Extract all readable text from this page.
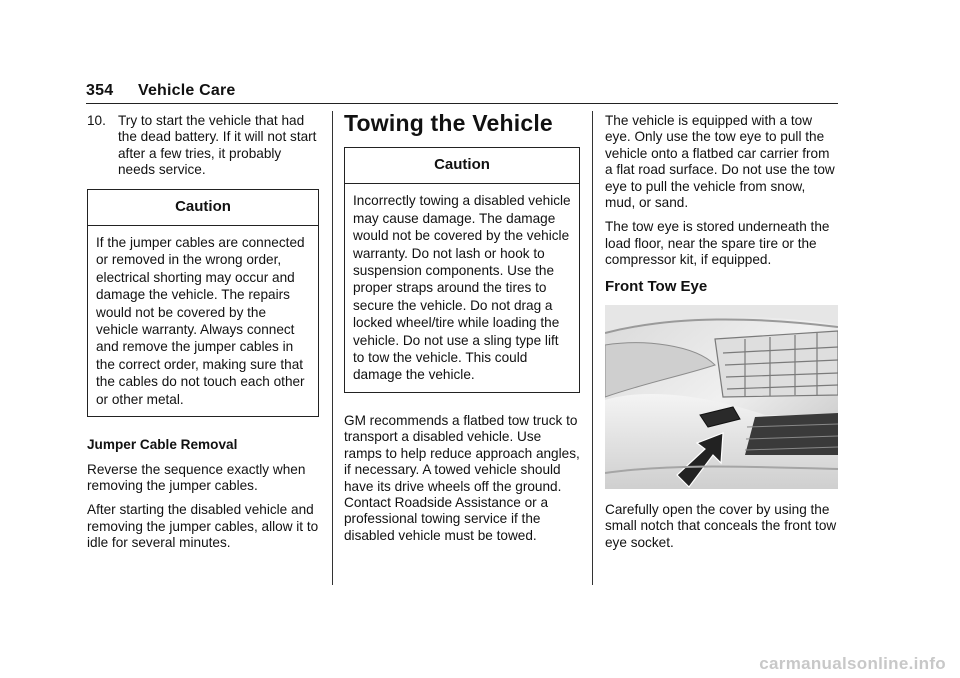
354 Vehicle Care
10. Try to start the vehicle that had the dead battery. If it will not start after a few tries, it probably needs service.
Caution
If the jumper cables are connected or removed in the wrong order, electrical shorting may occur and damage the vehicle. The repairs would not be covered by the vehicle warranty. Always connect and remove the jumper cables in the correct order, making sure that the cables do not touch each other or other metal.

Jumper Cable Removal

Reverse the sequence exactly when removing the jumper cables.

After starting the disabled vehicle and removing the jumper cables, allow it to idle for several minutes.

Towing the Vehicle
Caution
Incorrectly towing a disabled vehicle may cause damage. The damage would not be covered by the vehicle warranty. Do not lash or hook to suspension components. Use the proper straps around the tires to secure the vehicle. Do not drag a locked wheel/tire while loading the vehicle. Do not use a sling type lift to tow the vehicle. This could damage the vehicle.

GM recommends a flatbed tow truck to transport a disabled vehicle. Use ramps to help reduce approach angles, if necessary. A towed vehicle should have its drive wheels off the ground. Contact Roadside Assistance or a professional towing service if the disabled vehicle must be towed.

The vehicle is equipped with a tow eye. Only use the tow eye to pull the vehicle onto a flatbed car carrier from a flat road surface. Do not use the tow eye to pull the vehicle from snow, mud, or sand.

The tow eye is stored underneath the load floor, near the spare tire or the compressor kit, if equipped.

Front Tow Eye

Carefully open the cover by using the small notch that conceals the front tow eye socket.

carmanualsonline.info
